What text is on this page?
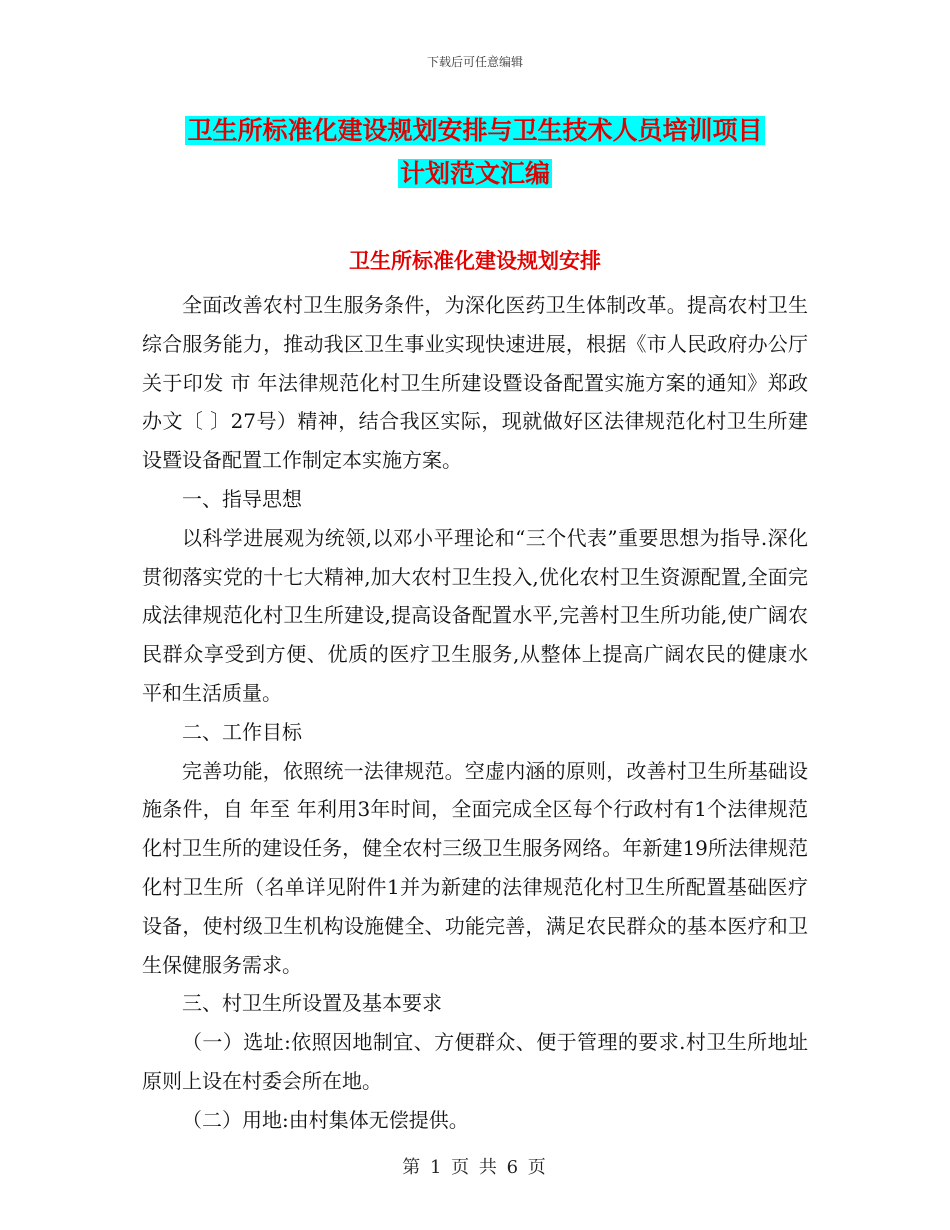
下载后可任意编辑
卫生所标准化建设规划安排与卫生技术人员培训项目
计划范文汇编
卫生所标准化建设规划安排

全面改善农村卫生服务条件，为深化医药卫生体制改革。提高农村卫生综合服务能力，推动我区卫生事业实现快速进展，根据《市人民政府办公厅关于印发 市 年法律规范化村卫生所建设暨设备配置实施方案的通知》郑政办文〔 〕27号）精神，结合我区实际，现就做好区法律规范化村卫生所建设暨设备配置工作制定本实施方案。

一、指导思想

以科学进展观为统领,以邓小平理论和“三个代表”重要思想为指导.深化贯彻落实党的十七大精神,加大农村卫生投入,优化农村卫生资源配置,全面完成法律规范化村卫生所建设,提高设备配置水平,完善村卫生所功能,使广阔农民群众享受到方便、优质的医疗卫生服务,从整体上提高广阔农民的健康水平和生活质量。

二、工作目标

完善功能，依照统一法律规范。空虚内涵的原则，改善村卫生所基础设施条件，自 年至 年利用3年时间，全面完成全区每个行政村有1个法律规范化村卫生所的建设任务，健全农村三级卫生服务网络。年新建19所法律规范化村卫生所（名单详见附件1并为新建的法律规范化村卫生所配置基础医疗设备，使村级卫生机构设施健全、功能完善，满足农民群众的基本医疗和卫生保健服务需求。

三、村卫生所设置及基本要求

（一）选址:依照因地制宜、方便群众、便于管理的要求.村卫生所地址原则上设在村委会所在地。

（二）用地:由村集体无偿提供。

第 1 页 共 6 页
